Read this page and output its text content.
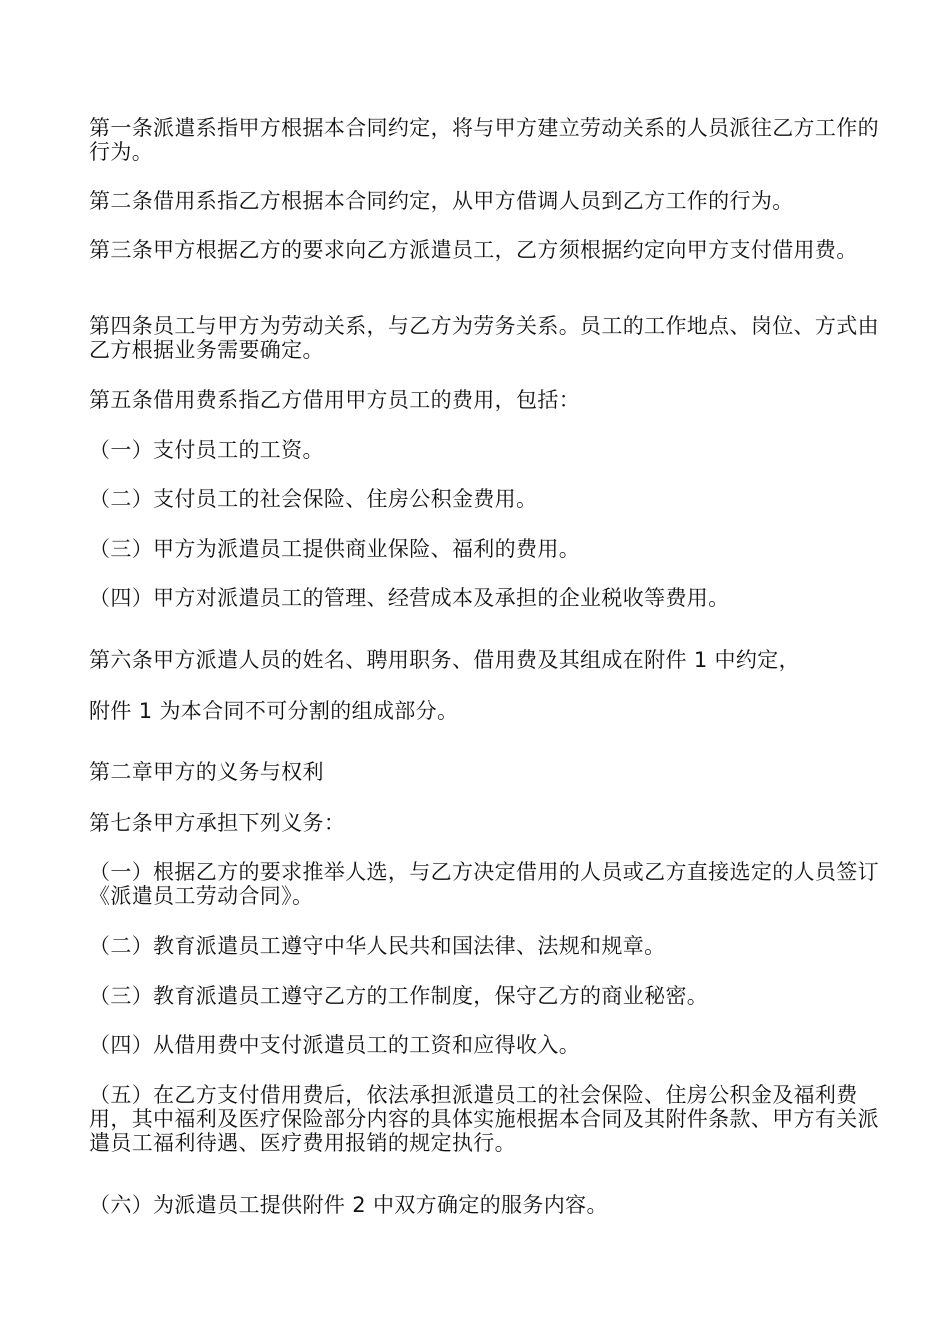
第一条派遣系指甲方根据本合同约定，将与甲方建立劳动关系的人员派往乙方工作的行为。

第二条借用系指乙方根据本合同约定，从甲方借调人员到乙方工作的行为。

第三条甲方根据乙方的要求向乙方派遣员工，乙方须根据约定向甲方支付借用费。

第四条员工与甲方为劳动关系，与乙方为劳务关系。员工的工作地点、岗位、方式由乙方根据业务需要确定。

第五条借用费系指乙方借用甲方员工的费用，包括：

（一）支付员工的工资。

（二）支付员工的社会保险、住房公积金费用。

（三）甲方为派遣员工提供商业保险、福利的费用。

（四）甲方对派遣员工的管理、经营成本及承担的企业税收等费用。

第六条甲方派遣人员的姓名、聘用职务、借用费及其组成在附件 1 中约定，

附件 1 为本合同不可分割的组成部分。

第二章甲方的义务与权利

第七条甲方承担下列义务：

（一）根据乙方的要求推举人选，与乙方决定借用的人员或乙方直接选定的人员签订《派遣员工劳动合同》。

（二）教育派遣员工遵守中华人民共和国法律、法规和规章。

（三）教育派遣员工遵守乙方的工作制度，保守乙方的商业秘密。

（四）从借用费中支付派遣员工的工资和应得收入。

（五）在乙方支付借用费后，依法承担派遣员工的社会保险、住房公积金及福利费用，其中福利及医疗保险部分内容的具体实施根据本合同及其附件条款、甲方有关派遣员工福利待遇、医疗费用报销的规定执行。

（六）为派遣员工提供附件 2 中双方确定的服务内容。
